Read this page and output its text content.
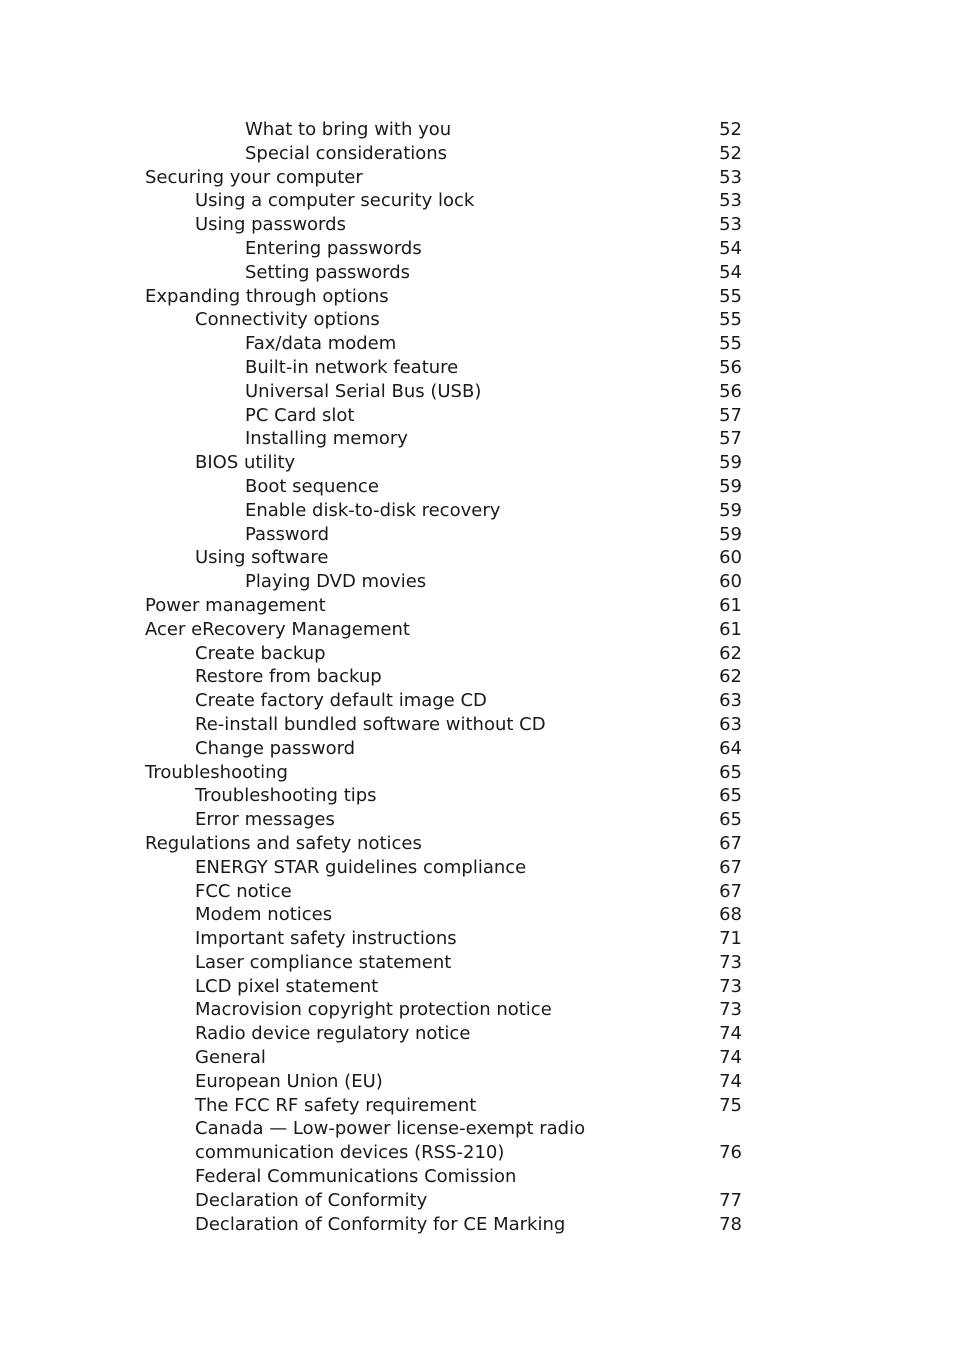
What to bring with you	52
Special considerations	52
Securing your computer	53
Using a computer security lock	53
Using passwords	53
Entering passwords	54
Setting passwords	54
Expanding through options	55
Connectivity options	55
Fax/data modem	55
Built-in network feature	56
Universal Serial Bus (USB)	56
PC Card slot	57
Installing memory	57
BIOS utility	59
Boot sequence	59
Enable disk-to-disk recovery	59
Password	59
Using software	60
Playing DVD movies	60
Power management	61
Acer eRecovery Management	61
Create backup	62
Restore from backup	62
Create factory default image CD	63
Re-install bundled software without CD	63
Change password	64
Troubleshooting	65
Troubleshooting tips	65
Error messages	65
Regulations and safety notices	67
ENERGY STAR guidelines compliance	67
FCC notice	67
Modem notices	68
Important safety instructions	71
Laser compliance statement	73
LCD pixel statement	73
Macrovision copyright protection notice	73
Radio device regulatory notice	74
General	74
European Union (EU)	74
The FCC RF safety requirement	75
Canada — Low-power license-exempt radio
communication devices (RSS-210)	76
Federal Communications Comission
Declaration of Conformity	77
Declaration of Conformity for CE Marking	78
